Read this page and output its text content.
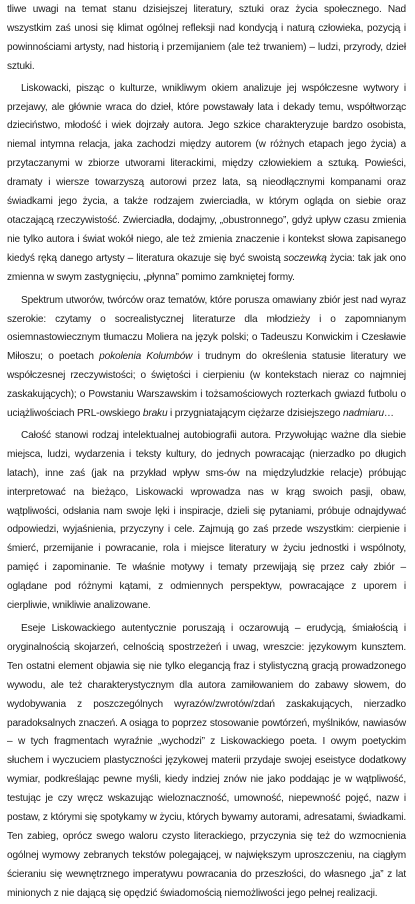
tliwe uwagi na temat stanu dzisiejszej literatury, sztuki oraz życia społecznego. Nad wszystkim zaś unosi się klimat ogólnej refleksji nad kondycją i naturą człowieka, pozycją i powinnościami artysty, nad historią i przemijaniem (ale też trwaniem) – ludzi, przyrody, dzieł sztuki.

Liskowacki, pisząc o kulturze, wnikliwym okiem analizuje jej współczesne wytwory i przejawy, ale głównie wraca do dzieł, które powstawały lata i dekady temu, współtworząc dzieciństwo, młodość i wiek dojrzały autora. Jego szkice charakteryzuje bardzo osobista, niemal intymna relacja, jaka zachodzi między autorem (w różnych etapach jego życia) a przytaczanymi w zbiorze utworami literackimi, między człowiekiem a sztuką. Powieści, dramaty i wiersze towarzyszą autorowi przez lata, są nieodłącznymi kompanami oraz świadkami jego życia, a także rodzajem zwierciadła, w którym ogląda on siebie oraz otaczającą rzeczywistość. Zwierciadła, dodajmy, „obustronnego”, gdyż upływ czasu zmienia nie tylko autora i świat wokół niego, ale też zmienia znaczenie i kontekst słowa zapisanego kiedyś ręką danego artysty – literatura okazuje się być swoistą soczewką życia: tak jak ono zmienna w swym zastygnięciu, „płynna” pomimo zamkniętej formy.

Spektrum utworów, twórców oraz tematów, które porusza omawiany zbiór jest nad wyraz szerokie: czytamy o socrealistycznej literaturze dla młodzieży i o zapomnianym osiemnastowiecznym tłumaczu Moliera na język polski; o Tadeuszu Konwickim i Czesławie Miłoszu; o poetach pokolenia Kolumbów i trudnym do określenia statusie literatury we współczesnej rzeczywistości; o świętości i cierpieniu (w kontekstach nieraz co najmniej zaskakujących); o Powstaniu Warszawskim i tożsamościowych rozterkach gwiazd futbolu o uciążliwościach PRL-owskiego braku i przygniatającym ciężarze dzisiejszego nadmiaru…

Całość stanowi rodzaj intelektualnej autobiografii autora. Przywołując ważne dla siebie miejsca, ludzi, wydarzenia i teksty kultury, do jednych powracając (nierzadko po długich latach), inne zaś (jak na przykład wpływ sms-ów na międzyludzkie relacje) próbując interpretować na bieżąco, Liskowacki wprowadza nas w krąg swoich pasji, obaw, wątpliwości, odsłania nam swoje lęki i inspiracje, dzieli się pytaniami, próbuje odnajdywać odpowiedzi, wyjaśnienia, przyczyny i cele. Zajmują go zaś przede wszystkim: cierpienie i śmierć, przemijanie i powracanie, rola i miejsce literatury w życiu jednostki i wspólnoty, pamięć i zapominanie. Te właśnie motywy i tematy przewijają się przez cały zbiór – oglądane pod różnymi kątami, z odmiennych perspektyw, powracające z uporem i cierpliwie, wnikliwie analizowane.

Eseje Liskowackiego autentycznie poruszają i oczarowują – erudycją, śmiałością i oryginalnością skojarzeń, celnością spostrzeżeń i uwag, wreszcie: językowym kunsztem. Ten ostatni element objawia się nie tylko elegancją fraz i stylistyczną gracją prowadzonego wywodu, ale też charakterystycznym dla autora zamiłowaniem do zabawy słowem, do wydobywania z poszczególnych wyrazów/zwrotów/zdań zaskakujących, nierzadko paradoksalnych znaczeń. A osiąga to poprzez stosowanie powtórzeń, myślników, nawiasów – w tych fragmentach wyraźnie „wychodzi” z Liskowackiego poeta. I owym poetyckim słuchem i wyczuciem plastyczności językowej materii przydaje swojej eseistyce dodatkowy wymiar, podkreślając pewne myśli, kiedy indziej znów nie jako poddając je w wątpliwość, testując je czy wręcz wskazując wieloznaczność, umowność, niepewność pojęć, nazw i postaw, z którymi się spotykamy w życiu, których bywamy autorami, adresatami, świadkami. Ten zabieg, oprócz swego waloru czysto literackiego, przyczynia się też do wzmocnienia ogólnej wymowy zebranych tekstów polegającej, w największym uproszczeniu, na ciągłym ścieraniu się wewnętrznego imperatywu powracania do przeszłości, do własnego „ja” z lat minionych z nie dającą się opędzić świadomością niemożliwości jego pełnej realizacji.
